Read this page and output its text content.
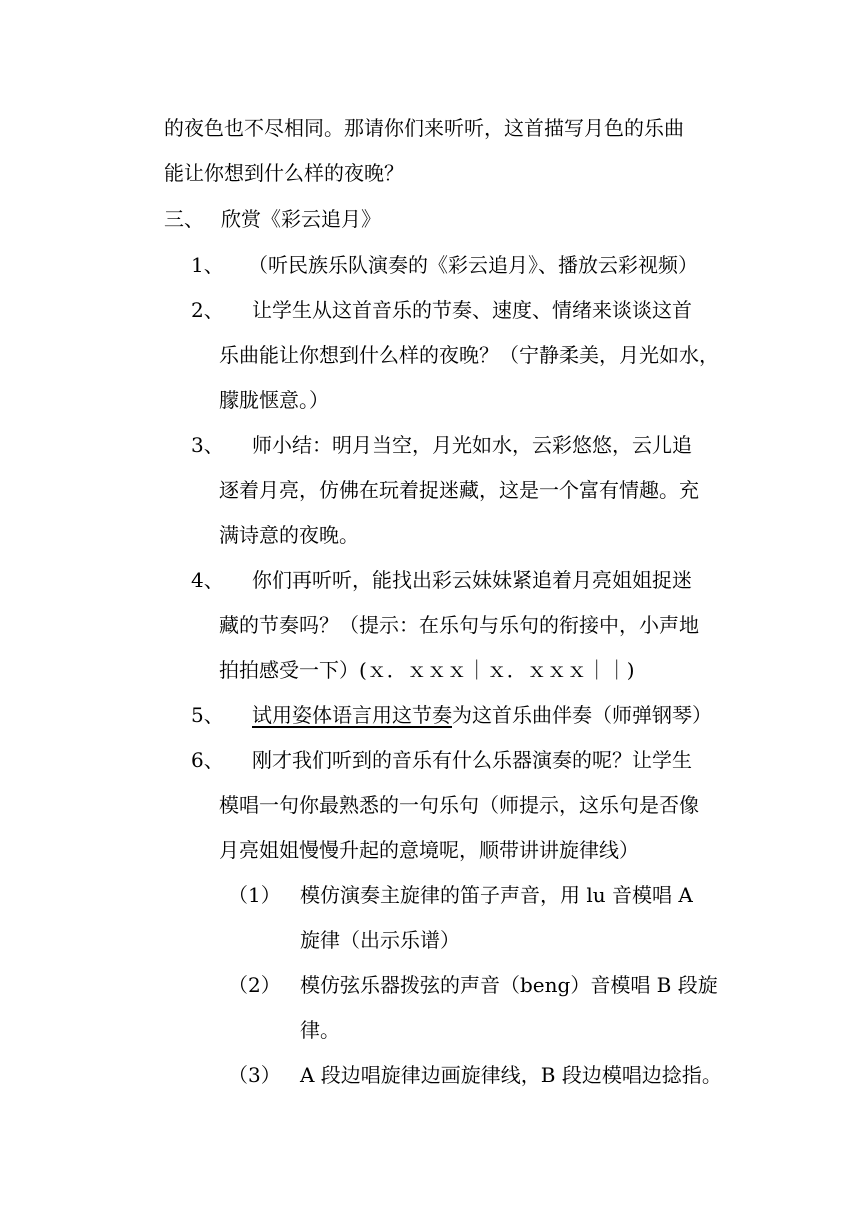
的夜色也不尽相同。那请你们来听听，这首描写月色的乐曲
能让你想到什么样的夜晚？
三、 欣赏《彩云追月》
1、 （听民族乐队演奏的《彩云追月》、播放云彩视频）
2、 让学生从这首音乐的节奏、速度、情绪来谈谈这首
乐曲能让你想到什么样的夜晚？（宁静柔美，月光如水，
朦胧惬意。）
3、 师小结：明月当空，月光如水，云彩悠悠，云儿追
逐着月亮，仿佛在玩着捉迷藏，这是一个富有情趣。充
满诗意的夜晚。
4、 你们再听听，能找出彩云妹妹紧追着月亮姐姐捉迷
藏的节奏吗？（提示：在乐句与乐句的衔接中，小声地
拍拍感受一下）(ｘ．ｘｘｘ｜ｘ．ｘｘｘ｜｜)
5、 试用姿体语言用这节奏为这首乐曲伴奏（师弹钢琴）
6、 刚才我们听到的音乐有什么乐器演奏的呢？让学生
模唱一句你最熟悉的一句乐句（师提示，这乐句是否像
月亮姐姐慢慢升起的意境呢，顺带讲讲旋律线）
（1） 模仿演奏主旋律的笛子声音，用 lu 音模唱 A
旋律（出示乐谱）
（2） 模仿弦乐器拨弦的声音（beng）音模唱 B 段旋
律。
（3） A 段边唱旋律边画旋律线，B 段边模唱边捻指。
